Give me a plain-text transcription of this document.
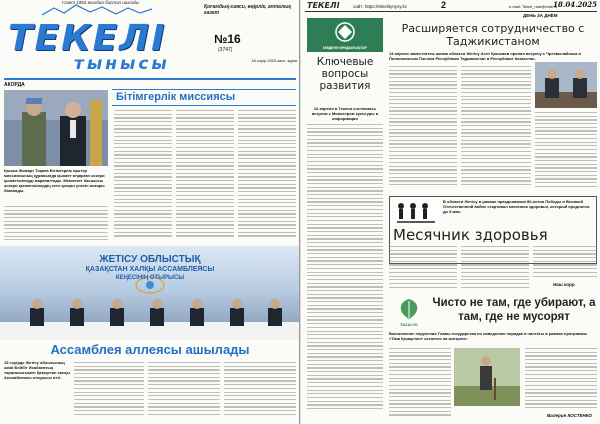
Газет 1963 жылдан бастап шығады
ТЕКЕЛІ
тынысы
Қоғамдық-саяси, өңірлік, апталық газет
№16
(3747)
18 сәуір 2025 жыл, жұма
АКОРДА
Бітімгерлік миссиясы
Қасым-Жомарт Тоқаев Бітімгерлік күштер миссиясының құрамында қызмет атқарған әскери қызметшілерді марапаттады. Мемлекет басшысы әскери қызметшілердің елге қосқан үлесін жоғары бағалады.
ЖЕТІСУ ОБЛЫСТЫҚ
ҚАЗАҚСТАН ХАЛҚЫ АССАМБЛЕЯСЫ
КЕҢЕСІНІҢ ОТЫРЫСЫ
Ассамблея аллеясы ашылады
15 сәуірде Жетісу облысының әкімі Бейбіт Исабаевтың төрағалығымен Қазақстан халқы Ассамблеясы отырысы өтті.
ТЕКЕЛІ	сайт: https://tekelitynysy.kz	2	e-mail: Tekeli_real@mail.ru
18.04.2025
ДЕНЬ ЗА ДНЁМ
МӘДЕНИ ҚҰНДЫЛЫҚТАР
Ключевые вопросы развития
16 апреля в Текели состоялась встреча с Министром культуры и информации
Расширяется сотрудничество с Таджикистаном
14 апреля заместитель акима области Жетісу Асет Қасымов принял встречу с Чрезвычайным и Полномочным Послом Республики Таджикистан в Республике Казахстан.
В области Жетісу в рамках празднования 80-летия Победы в Великой Отечественной войне стартовал месячник здоровья, который продлится до 9 мая.
Месячник здоровья
Наш корр.
TAZALYK
Чисто не там, где убирают, а там, где не мусорят
Выполнение поручения Главы государства по наведению порядка и чистоты в рамках программы «Таза Қазақстан» остается на контроле.
Валерия КОСТЕНКО
